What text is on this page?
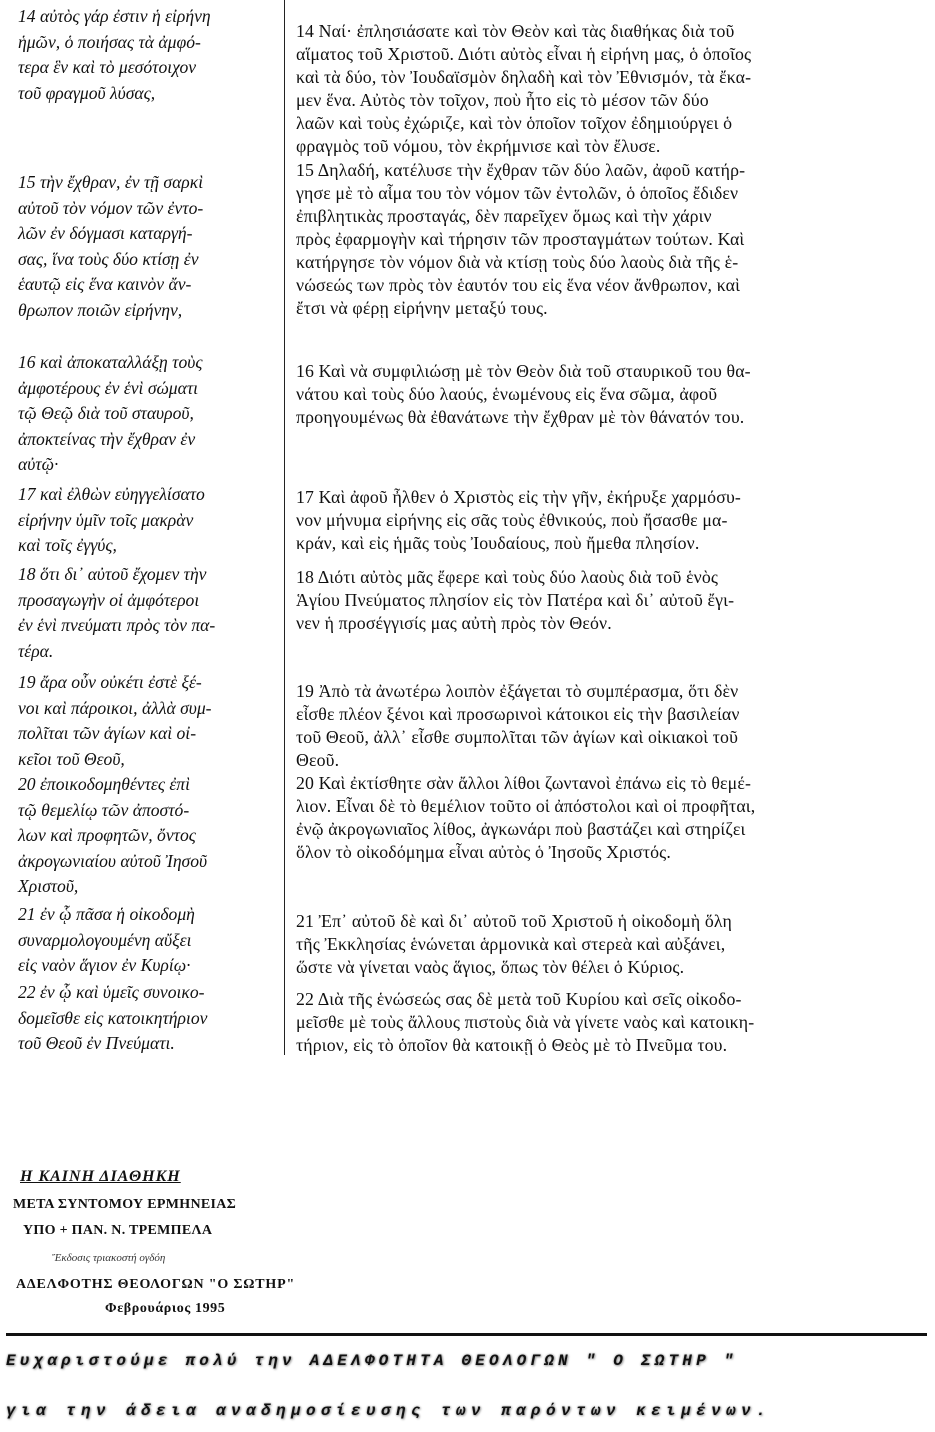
14 αὐτὸς γάρ ἐστιν ἡ εἰρήνη
ἡμῶν, ὁ ποιήσας τὰ ἀμφό-
τερα ἓν καὶ τὸ μεσότοιχον
τοῦ φραγμοῦ λύσας,
15 τὴν ἔχθραν, ἐν τῇ σαρκὶ
αὐτοῦ τὸν νόμον τῶν ἐντο-
λῶν ἐν δόγμασι καταργή-
σας, ἵνα τοὺς δύο κτίσῃ ἐν
ἑαυτῷ εἰς ἕνα καινὸν ἄν-
θρωπον ποιῶν εἰρήνην,
16 καὶ ἀποκαταλλάξῃ τοὺς
ἀμφοτέρους ἐν ἑνὶ σώματι
τῷ Θεῷ διὰ τοῦ σταυροῦ,
ἀποκτείνας τὴν ἔχθραν ἐν
αὐτῷ·
17 καὶ ἐλθὼν εὐηγγελίσατο
εἰρήνην ὑμῖν τοῖς μακρὰν
καὶ τοῖς ἐγγύς,
18 ὅτι δι᾿ αὐτοῦ ἔχομεν τὴν
προσαγωγὴν οἱ ἀμφότεροι
ἐν ἑνὶ πνεύματι πρὸς τὸν πα-
τέρα.
19 ἄρα οὖν οὐκέτι ἐστὲ ξέ-
νοι καὶ πάροικοι, ἀλλὰ συμ-
πολῖται τῶν ἁγίων καὶ οἰ-
κεῖοι τοῦ Θεοῦ,
20 ἐποικοδομηθέντες ἐπὶ
τῷ θεμελίῳ τῶν ἀποστό-
λων καὶ προφητῶν, ὄντος
ἀκρογωνιαίου αὐτοῦ Ἰησοῦ
Χριστοῦ,
21 ἐν ᾧ πᾶσα ἡ οἰκοδομὴ
συναρμολογουμένη αὔξει
εἰς ναὸν ἅγιον ἐν Κυρίῳ·
22 ἐν ᾧ καὶ ὑμεῖς συνοικο-
δομεῖσθε εἰς κατοικητήριον
τοῦ Θεοῦ ἐν Πνεύματι.
14 Ναί· ἐπλησιάσατε καὶ τὸν Θεὸν καὶ τὰς διαθήκας διὰ τοῦ
αἵματος τοῦ Χριστοῦ. Διότι αὐτὸς εἶναι ἡ εἰρήνη μας, ὁ ὁποῖος
καὶ τὰ δύο, τὸν Ἰουδαϊσμὸν δηλαδὴ καὶ τὸν Ἐθνισμόν, τὰ ἔκα-
μεν ἕνα. Αὐτὸς τὸν τοῖχον, ποὺ ἦτο εἰς τὸ μέσον τῶν δύο
λαῶν καὶ τοὺς ἐχώριζε, καὶ τὸν ὁποῖον τοῖχον ἐδημιούργει ὁ
φραγμὸς τοῦ νόμου, τὸν ἐκρήμνισε καὶ τὸν ἔλυσε.
15 Δηλαδή, κατέλυσε τὴν ἔχθραν τῶν δύο λαῶν, ἀφοῦ κατήρ-
γησε μὲ τὸ αἷμα του τὸν νόμον τῶν ἐντολῶν, ὁ ὁποῖος ἔδιδεν
ἐπιβλητικὰς προσταγάς, δὲν παρεῖχεν ὅμως καὶ τὴν χάριν
πρὸς ἐφαρμογὴν καὶ τήρησιν τῶν προσταγμάτων τούτων. Καὶ
κατήργησε τὸν νόμον διὰ νὰ κτίσῃ τοὺς δύο λαοὺς διὰ τῆς ἑ-
νώσεώς των πρὸς τὸν ἑαυτόν του εἰς ἕνα νέον ἄνθρωπον, καὶ
ἔτσι νὰ φέρῃ εἰρήνην μεταξύ τους.
16 Καὶ νὰ συμφιλιώσῃ μὲ τὸν Θεὸν διὰ τοῦ σταυρικοῦ του θα-
νάτου καὶ τοὺς δύο λαούς, ἑνωμένους εἰς ἕνα σῶμα, ἀφοῦ
προηγουμένως θὰ ἐθανάτωνε τὴν ἔχθραν μὲ τὸν θάνατόν του.
17 Καὶ ἀφοῦ ἦλθεν ὁ Χριστὸς εἰς τὴν γῆν, ἐκήρυξε χαρμόσυ-
νον μήνυμα εἰρήνης εἰς σᾶς τοὺς ἐθνικούς, ποὺ ἤσασθε μα-
κράν, καὶ εἰς ἡμᾶς τοὺς Ἰουδαίους, ποὺ ἤμεθα πλησίον.
18 Διότι αὐτὸς μᾶς ἔφερε καὶ τοὺς δύο λαοὺς διὰ τοῦ ἑνὸς
Ἁγίου Πνεύματος πλησίον εἰς τὸν Πατέρα καὶ δι᾿ αὐτοῦ ἔγι-
νεν ἡ προσέγγισίς μας αὐτὴ πρὸς τὸν Θεόν.
19 Ἀπὸ τὰ ἀνωτέρω λοιπὸν ἐξάγεται τὸ συμπέρασμα, ὅτι δὲν
εἶσθε πλέον ξένοι καὶ προσωρινοὶ κάτοικοι εἰς τὴν βασιλείαν
τοῦ Θεοῦ, ἀλλ᾿ εἶσθε συμπολῖται τῶν ἁγίων καὶ οἰκιακοὶ τοῦ
Θεοῦ.
20 Καὶ ἐκτίσθητε σὰν ἄλλοι λίθοι ζωντανοὶ ἐπάνω εἰς τὸ θεμέ-
λιον. Εἶναι δὲ τὸ θεμέλιον τοῦτο οἱ ἀπόστολοι καὶ οἱ προφῆται,
ἐνῷ ἀκρογωνιαῖος λίθος, ἀγκωνάρι ποὺ βαστάζει καὶ στηρίζει
ὅλον τὸ οἰκοδόμημα εἶναι αὐτὸς ὁ Ἰησοῦς Χριστός.
21 Ἐπ᾿ αὐτοῦ δὲ καὶ δι᾿ αὐτοῦ τοῦ Χριστοῦ ἡ οἰκοδομὴ ὅλη
τῆς Ἐκκλησίας ἑνώνεται ἁρμονικὰ καὶ στερεὰ καὶ αὐξάνει,
ὥστε νὰ γίνεται ναὸς ἅγιος, ὅπως τὸν θέλει ὁ Κύριος.
22 Διὰ τῆς ἑνώσεώς σας δὲ μετὰ τοῦ Κυρίου καὶ σεῖς οἰκοδο-
μεῖσθε μὲ τοὺς ἄλλους πιστοὺς διὰ νὰ γίνετε ναὸς καὶ κατοικη-
τήριον, εἰς τὸ ὁποῖον θὰ κατοικῇ ὁ Θεὸς μὲ τὸ Πνεῦμα του.
Η ΚΑΙΝΗ ΔΙΑΘΗΚΗ
ΜΕΤΑ ΣΥΝΤΟΜΟΥ ΕΡΜΗΝΕΙΑΣ
ΥΠΟ + ΠΑΝ. Ν. ΤΡΕΜΠΕΛΑ
Ἔκδοσις τριακοστή ογδόη
ΑΔΕΛΦΟΤΗΣ ΘΕΟΛΟΓΩΝ "Ο ΣΩΤΗΡ"
Φεβρουάριος 1995
Ευχαριστούμε πολύ την ΑΔΕΛΦΟΤΗΤΑ ΘΕΟΛΟΓΩΝ " Ο ΣΩΤΗΡ "
για την άδεια αναδημοσίευσης των παρόντων κειμένων.
